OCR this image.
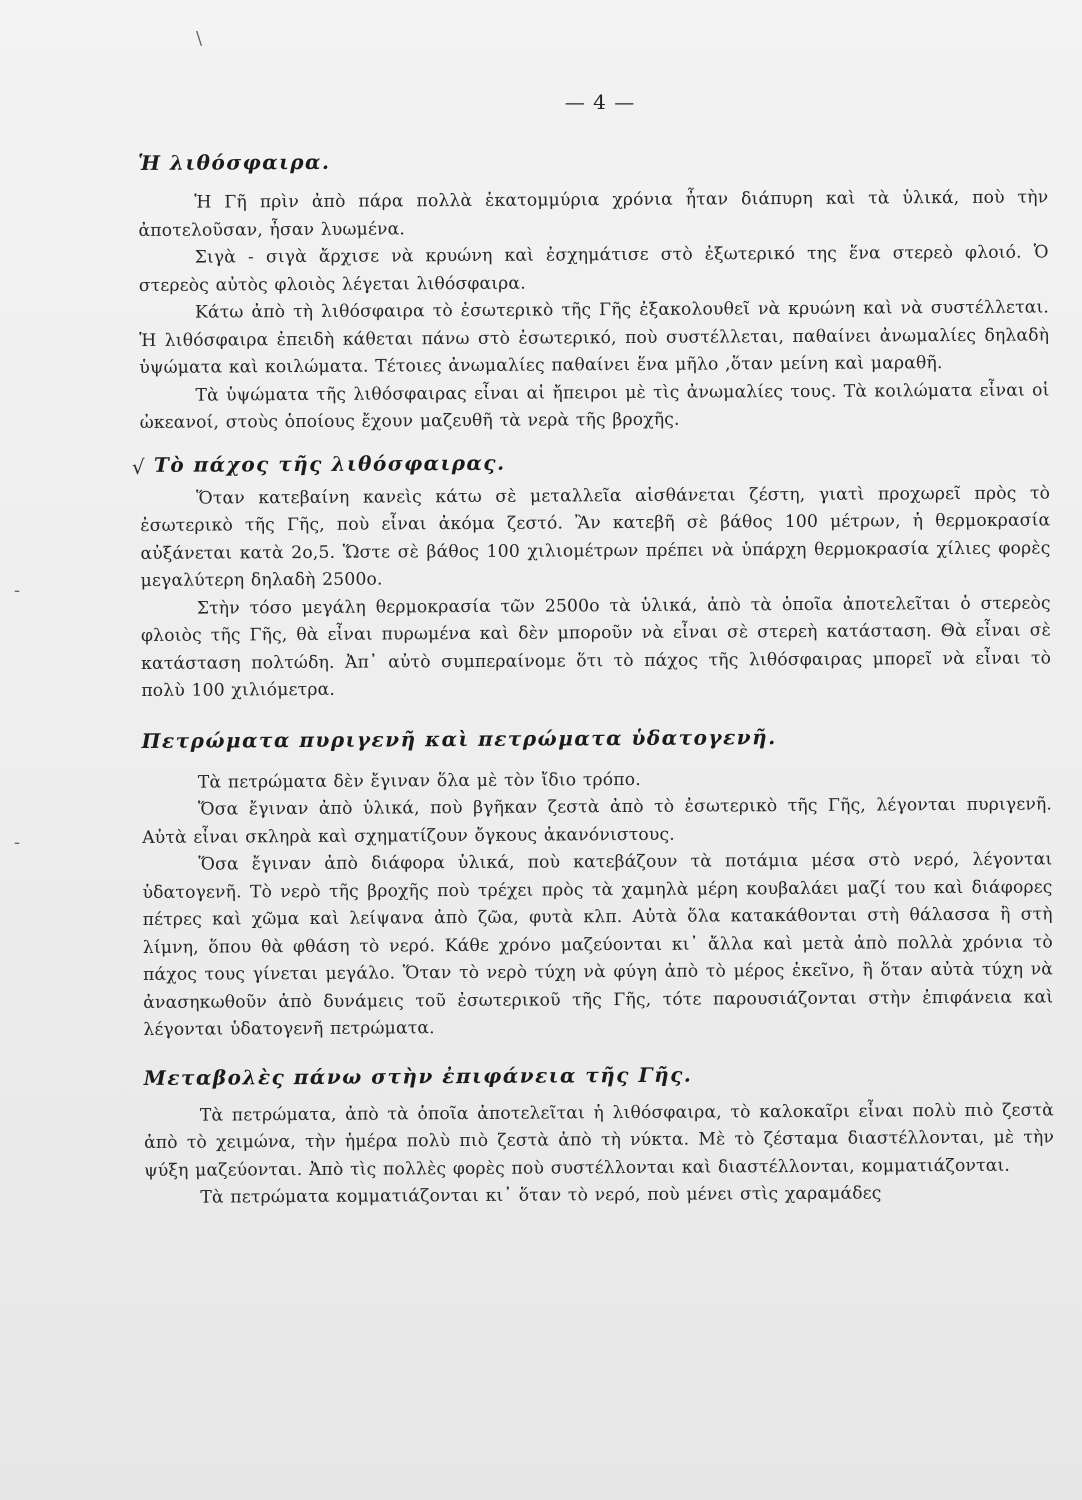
\
-
-
— 4 —
Ἡ λιθόσφαιρα.

Ἡ Γῆ πρὶν ἀπὸ πάρα πολλὰ ἑκατομμύρια χρόνια ἦταν διάπυρη καὶ τὰ ὑλικά, ποὺ τὴν ἀποτελοῦσαν, ἦσαν λυωμένα.

Σιγὰ - σιγὰ ἄρχισε νὰ κρυώνη καὶ ἐσχημάτισε στὸ ἐξωτερικό της ἕνα στερεὸ φλοιό. Ὁ στερεὸς αὐτὸς φλοιὸς λέγεται λιθόσφαιρα.

Κάτω ἀπὸ τὴ λιθόσφαιρα τὸ ἐσωτερικὸ τῆς Γῆς ἐξακολουθεῖ νὰ κρυώνη καὶ νὰ συστέλλεται. Ἡ λιθόσφαιρα ἐπειδὴ κάθεται πάνω στὸ ἐσωτερικό, ποὺ συστέλλεται, παθαίνει ἀνωμαλίες δηλαδὴ ὑψώματα καὶ κοιλώματα. Τέτοιες ἀνωμαλίες παθαίνει ἕνα μῆλο ,ὅταν μείνη καὶ μαραθῆ.

Τὰ ὑψώματα τῆς λιθόσφαιρας εἶναι αἱ ἤπειροι μὲ τὶς ἀνωμαλίες τους. Τὰ κοιλώματα εἶναι οἱ ὠκεανοί, στοὺς ὁποίους ἔχουν μαζευθῆ τὰ νερὰ τῆς βροχῆς.

√ Τὸ πάχος τῆς λιθόσφαιρας.

Ὅταν κατεβαίνη κανεὶς κάτω σὲ μεταλλεῖα αἰσθάνεται ζέστη, γιατὶ προχωρεῖ πρὸς τὸ ἐσωτερικὸ τῆς Γῆς, ποὺ εἶναι ἀκόμα ζεστό. Ἂν κατεβῆ σὲ βάθος 100 μέτρων, ἡ θερμοκρασία αὐξάνεται κατὰ 2ο,5. Ὥστε σὲ βάθος 100 χιλιομέτρων πρέπει νὰ ὑπάρχη θερμοκρασία χίλιες φορὲς μεγαλύτερη δηλαδὴ 2500ο.

Στὴν τόσο μεγάλη θερμοκρασία τῶν 2500ο τὰ ὑλικά, ἀπὸ τὰ ὁποῖα ἀποτελεῖται ὁ στερεὸς φλοιὸς τῆς Γῆς, θὰ εἶναι πυρωμένα καὶ δὲν μποροῦν νὰ εἶναι σὲ στερεὴ κατάσταση. Θὰ εἶναι σὲ κατάσταση πολτώδη. Ἀπ᾿ αὐτὸ συμπεραίνομε ὅτι τὸ πάχος τῆς λιθόσφαιρας μπορεῖ νὰ εἶναι τὸ πολὺ 100 χιλιόμετρα.

Πετρώματα πυριγενῆ καὶ πετρώματα ὑδατογενῆ.

Τὰ πετρώματα δὲν ἔγιναν ὅλα μὲ τὸν ἴδιο τρόπο.

Ὅσα ἔγιναν ἀπὸ ὑλικά, ποὺ βγῆκαν ζεστὰ ἀπὸ τὸ ἐσωτερικὸ τῆς Γῆς, λέγονται πυριγενῆ. Αὐτὰ εἶναι σκληρὰ καὶ σχηματίζουν ὄγκους ἀκανόνιστους.

Ὅσα ἔγιναν ἀπὸ διάφορα ὑλικά, ποὺ κατεβάζουν τὰ ποτάμια μέσα στὸ νερό, λέγονται ὑδατογενῆ. Τὸ νερὸ τῆς βροχῆς ποὺ τρέχει πρὸς τὰ χαμηλὰ μέρη κουβαλάει μαζί του καὶ διάφορες πέτρες καὶ χῶμα καὶ λείψανα ἀπὸ ζῶα, φυτὰ κλπ. Αὐτὰ ὅλα κατακάθονται στὴ θάλασσα ἢ στὴ λίμνη, ὅπου θὰ φθάση τὸ νερό. Κάθε χρόνο μαζεύονται κι᾿ ἄλλα καὶ μετὰ ἀπὸ πολλὰ χρόνια τὸ πάχος τους γίνεται μεγάλο. Ὅταν τὸ νερὸ τύχη νὰ φύγη ἀπὸ τὸ μέρος ἐκεῖνο, ἢ ὅταν αὐτὰ τύχη νὰ ἀνασηκωθοῦν ἀπὸ δυνάμεις τοῦ ἐσωτερικοῦ τῆς Γῆς, τότε παρουσιάζονται στὴν ἐπιφάνεια καὶ λέγονται ὑδατογενῆ πετρώματα.

Μεταβολὲς πάνω στὴν ἐπιφάνεια τῆς Γῆς.

Τὰ πετρώματα, ἀπὸ τὰ ὁποῖα ἀποτελεῖται ἡ λιθόσφαιρα, τὸ καλοκαῖρι εἶναι πολὺ πιὸ ζεστὰ ἀπὸ τὸ χειμώνα, τὴν ἡμέρα πολὺ πιὸ ζεστὰ ἀπὸ τὴ νύκτα. Μὲ τὸ ζέσταμα διαστέλλονται, μὲ τὴν ψύξη μαζεύονται. Ἀπὸ τὶς πολλὲς φορὲς ποὺ συστέλλονται καὶ διαστέλλονται, κομματιάζονται.

Τὰ πετρώματα κομματιάζονται κι᾿ ὅταν τὸ νερό, ποὺ μένει στὶς χαραμάδες
